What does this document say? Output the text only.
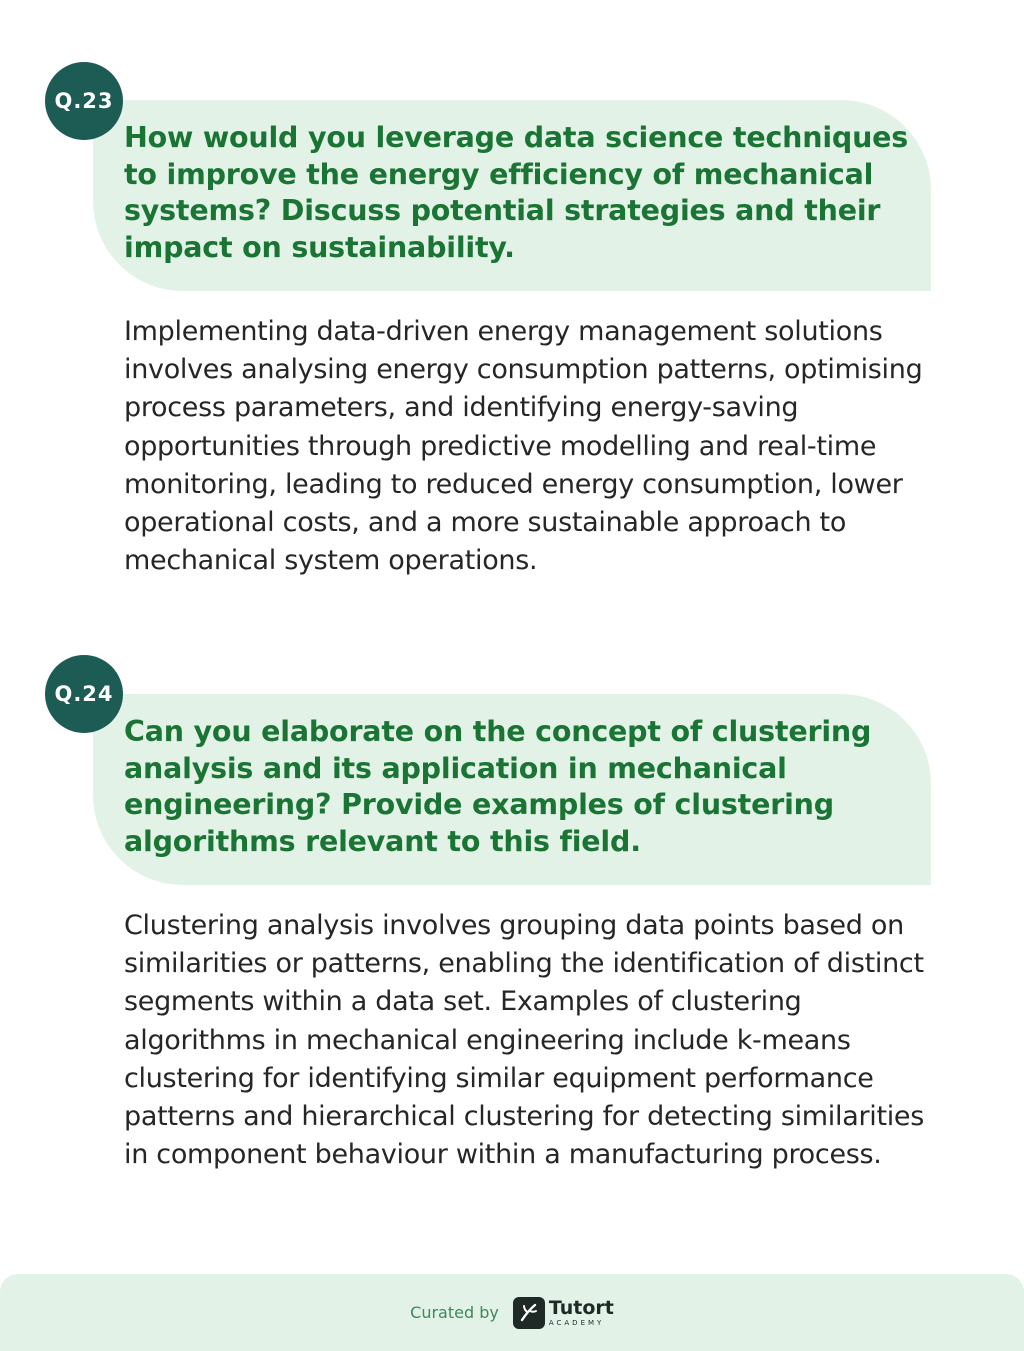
Q.23

How would you leverage data science techniques to improve the energy efficiency of mechanical systems? Discuss potential strategies and their impact on sustainability.

Implementing data-driven energy management solutions involves analysing energy consumption patterns, optimising process parameters, and identifying energy-saving opportunities through predictive modelling and real-time monitoring, leading to reduced energy consumption, lower operational costs, and a more sustainable approach to mechanical system operations.

Q.24

Can you elaborate on the concept of clustering analysis and its application in mechanical engineering? Provide examples of clustering algorithms relevant to this field.

Clustering analysis involves grouping data points based on similarities or patterns, enabling the identification of distinct segments within a data set. Examples of clustering algorithms in mechanical engineering include k-means clustering for identifying similar equipment performance patterns and hierarchical clustering for detecting similarities in component behaviour within a manufacturing process.

Curated by	Tutort
ACADEMY
